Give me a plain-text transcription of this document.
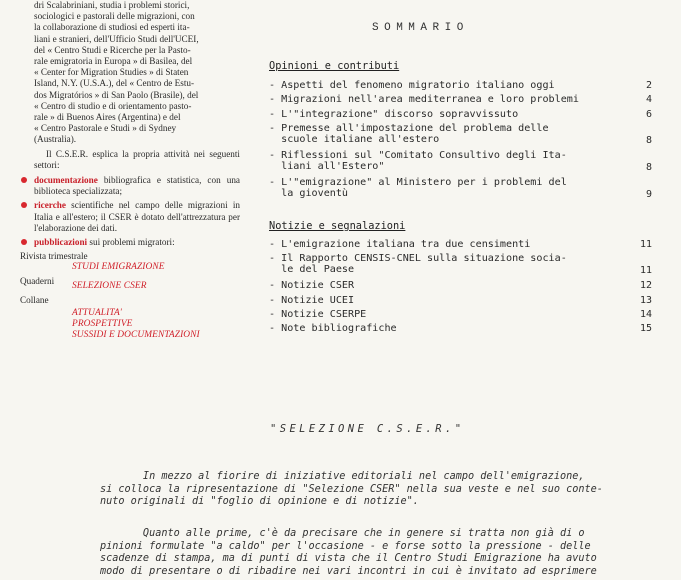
dri Scalabriniani, studia i problemi storici,
sociologici e pastorali delle migrazioni, con
la collaborazione di studiosi ed esperti ita-
liani e stranieri, dell'Ufficio Studi dell'UCEI,
del « Centro Studi e Ricerche per la Pasto-
rale emigratoria in Europa » di Basilea, del
« Center for Migration Studies » di Staten
Island, N.Y. (U.S.A.), del « Centro de Estu-
dos Migratórios » di San Paolo (Brasile), del
« Centro di studio e di orientamento pasto-
rale » di Buenos Aires (Argentina) e del
« Centro Pastorale e Studi » di Sydney
(Australia).
Il C.S.E.R. esplica la propria attività nei seguenti settori:
documentazione bibliografica e statistica, con una biblioteca specializzata;
ricerche scientifiche nel campo delle migrazioni in Italia e all'estero; il CSER è dotato dell'attrezzatura per l'elaborazione dei dati.
pubblicazioni sui problemi migratori:
Rivista trimestrale
STUDI EMIGRAZIONE
Quaderni SELEZIONE CSER
Collane
ATTUALITA'
PROSPETTIVE
SUSSIDI E DOCUMENTAZIONI
SOMMARIO
Opinioni e contributi
- Aspetti del fenomeno migratorio italiano oggi	2
- Migrazioni nell'area mediterranea e loro problemi	4
- L'"integrazione" discorso sopravvissuto	6
- Premesse all'impostazione del problema delle
scuole italiane all'estero	8
- Riflessioni sul "Comitato Consultivo degli Ita-
liani all'Estero"	8
- L'"emigrazione" al Ministero per i problemi del
la gioventù	9
Notizie e segnalazioni
- L'emigrazione italiana tra due censimenti	11
- Il Rapporto CENSIS-CNEL sulla situazione socia-
le del Paese	11
- Notizie CSER	12
- Notizie UCEI	13
- Notizie CSERPE	14
- Note bibliografiche	15
"SELEZIONE C.S.E.R."
In mezzo al fiorire di iniziative editoriali nel campo dell'emigrazione,
si colloca la ripresentazione di "Selezione CSER" nella sua veste e nel suo conte-
nuto originali di "foglio di opinione e di notizie".
Quanto alle prime, c'è da precisare che in genere si tratta non già di o
pinioni formulate "a caldo" per l'occasione - e forse sotto la pressione - delle
scadenze di stampa, ma di punti di vista che il Centro Studi Emigrazione ha avuto
modo di presentare o di ribadire nei vari incontri in cui è invitato ad esprimere
